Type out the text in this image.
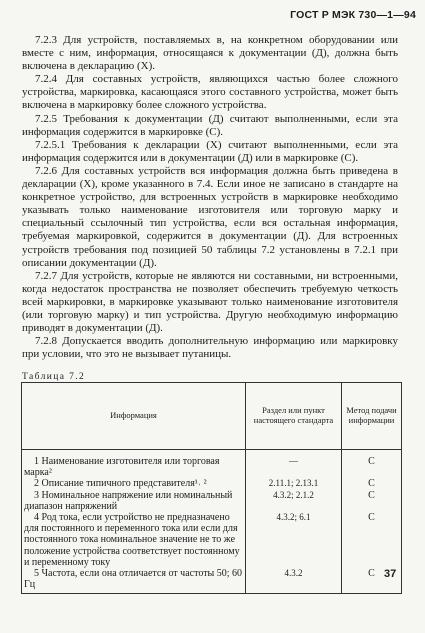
ГОСТ Р МЭК 730—1—94

7.2.3 Для устройств, поставляемых в, на конкретном оборудовании или вместе с ним, информация, относящаяся к документации (Д), должна быть включена в декларацию (Х).

7.2.4 Для составных устройств, являющихся частью более сложного устройства, маркировка, касающаяся этого составного устройства, может быть включена в маркировку более сложного устройства.

7.2.5 Требования к документации (Д) считают выполненными, если эта информация содержится в маркировке (С).

7.2.5.1 Требования к декларации (Х) считают выполненными, если эта информация содержится или в документации (Д) или в маркировке (С).

7.2.6 Для составных устройств вся информация должна быть приведена в декларации (Х), кроме указанного в 7.4. Если иное не записано в стандарте на конкретное устройство, для встроенных устройств в маркировке необходимо указывать только наименование изготовителя или торговую марку и специальный ссылочный тип устройства, если вся остальная информация, требуемая маркировкой, содержится в документации (Д). Для встроенных устройств требования под позицией 50 таблицы 7.2 установлены в 7.2.1 при описании документации (Д).

7.2.7 Для устройств, которые не являются ни составными, ни встроенными, когда недостаток пространства не позволяет обеспечить требуемую четкость всей маркировки, в маркировке указывают только наименование изготовителя (или торговую марку) и тип устройства. Другую необходимую информацию приводят в документации (Д).

7.2.8 Допускается вводить дополнительную информацию или маркировку при условии, что это не вызывает путаницы.

Таблица 7.2
Информация	Раздел или пункт настоящего стандарта	Метод подачи информации
1 Наименование изготовителя или торговая марка²	—	С
2 Описание типичного представителя¹˒ ²	2.11.1; 2.13.1	С
3 Номинальное напряжение или номинальный диапазон напряжений	4.3.2; 2.1.2	С
4 Род тока, если устройство не предназначено для постоянного и переменного тока или если для постоянного тока номинальное значение не то же положение устройства соответствует постоянному и переменному току	4.3.2; 6.1	С
5 Частота, если она отличается от частоты 50; 60 Гц	4.3.2	С 37
